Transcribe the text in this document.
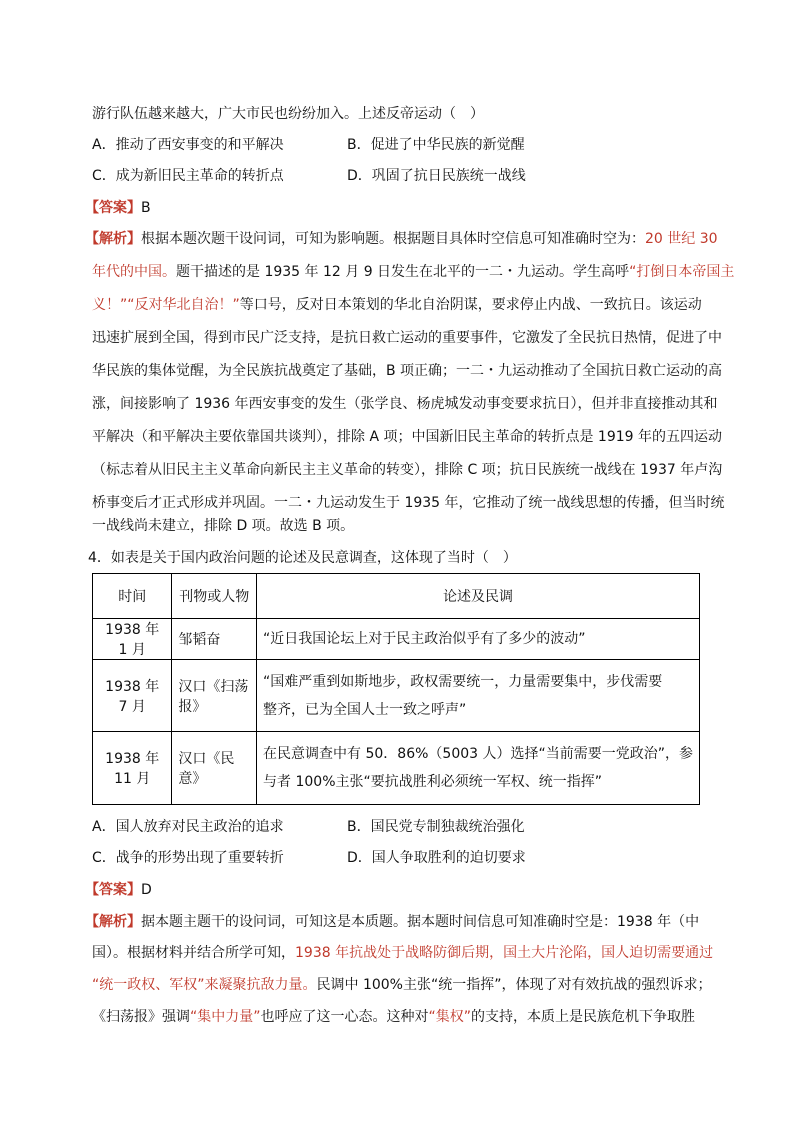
游行队伍越来越大，广大市民也纷纷加入。上述反帝运动（　）
A．推动了西安事变的和平解决	B．促进了中华民族的新觉醒
C．成为新旧民主革命的转折点	D．巩固了抗日民族统一战线
【答案】B
【解析】根据本题次题干设问词，可知为影响题。根据题目具体时空信息可知准确时空为：20 世纪 30
年代的中国。题干描述的是 1935 年 12 月 9 日发生在北平的一二・九运动。学生高呼“打倒日本帝国主
义！”“反对华北自治！”等口号，反对日本策划的华北自治阴谋，要求停止内战、一致抗日。该运动
迅速扩展到全国，得到市民广泛支持，是抗日救亡运动的重要事件，它激发了全民抗日热情，促进了中
华民族的集体觉醒，为全民族抗战奠定了基础，B 项正确；一二・九运动推动了全国抗日救亡运动的高
涨，间接影响了 1936 年西安事变的发生（张学良、杨虎城发动事变要求抗日），但并非直接推动其和
平解决（和平解决主要依靠国共谈判），排除 A 项；中国新旧民主革命的转折点是 1919 年的五四运动
（标志着从旧民主主义革命向新民主主义革命的转变），排除 C 项；抗日民族统一战线在 1937 年卢沟
桥事变后才正式形成并巩固。一二・九运动发生于 1935 年，它推动了统一战线思想的传播，但当时统
一战线尚未建立，排除 D 项。故选 B 项。
4．如表是关于国内政治问题的论述及民意调查，这体现了当时（　）
时间	刊物或人物	论述及民调
1938 年 1 月	邹韬奋	“近日我国论坛上对于民主政治似乎有了多少的波动”

1938 年 7 月	汉口《扫荡报》	“国难严重到如斯地步，政权需要统一，力量需要集中，步伐需要
整齐，已为全国人士一致之呼声”

1938 年 11 月	汉口《民意》	在民意调查中有 50．86%（5003 人）选择“当前需要一党政治”，参
与者 100%主张“要抗战胜利必须统一军权、统一指挥”
A．国人放弃对民主政治的追求	B．国民党专制独裁统治强化
C．战争的形势出现了重要转折	D．国人争取胜利的迫切要求
【答案】D
【解析】据本题主题干的设问词，可知这是本质题。据本题时间信息可知准确时空是：1938 年（中
国）。根据材料并结合所学可知，1938 年抗战处于战略防御后期，国土大片沦陷，国人迫切需要通过
“统一政权、军权”来凝聚抗敌力量。民调中 100%主张“统一指挥”，体现了对有效抗战的强烈诉求；
《扫荡报》强调“集中力量”也呼应了这一心态。这种对“集权”的支持，本质上是民族危机下争取胜
